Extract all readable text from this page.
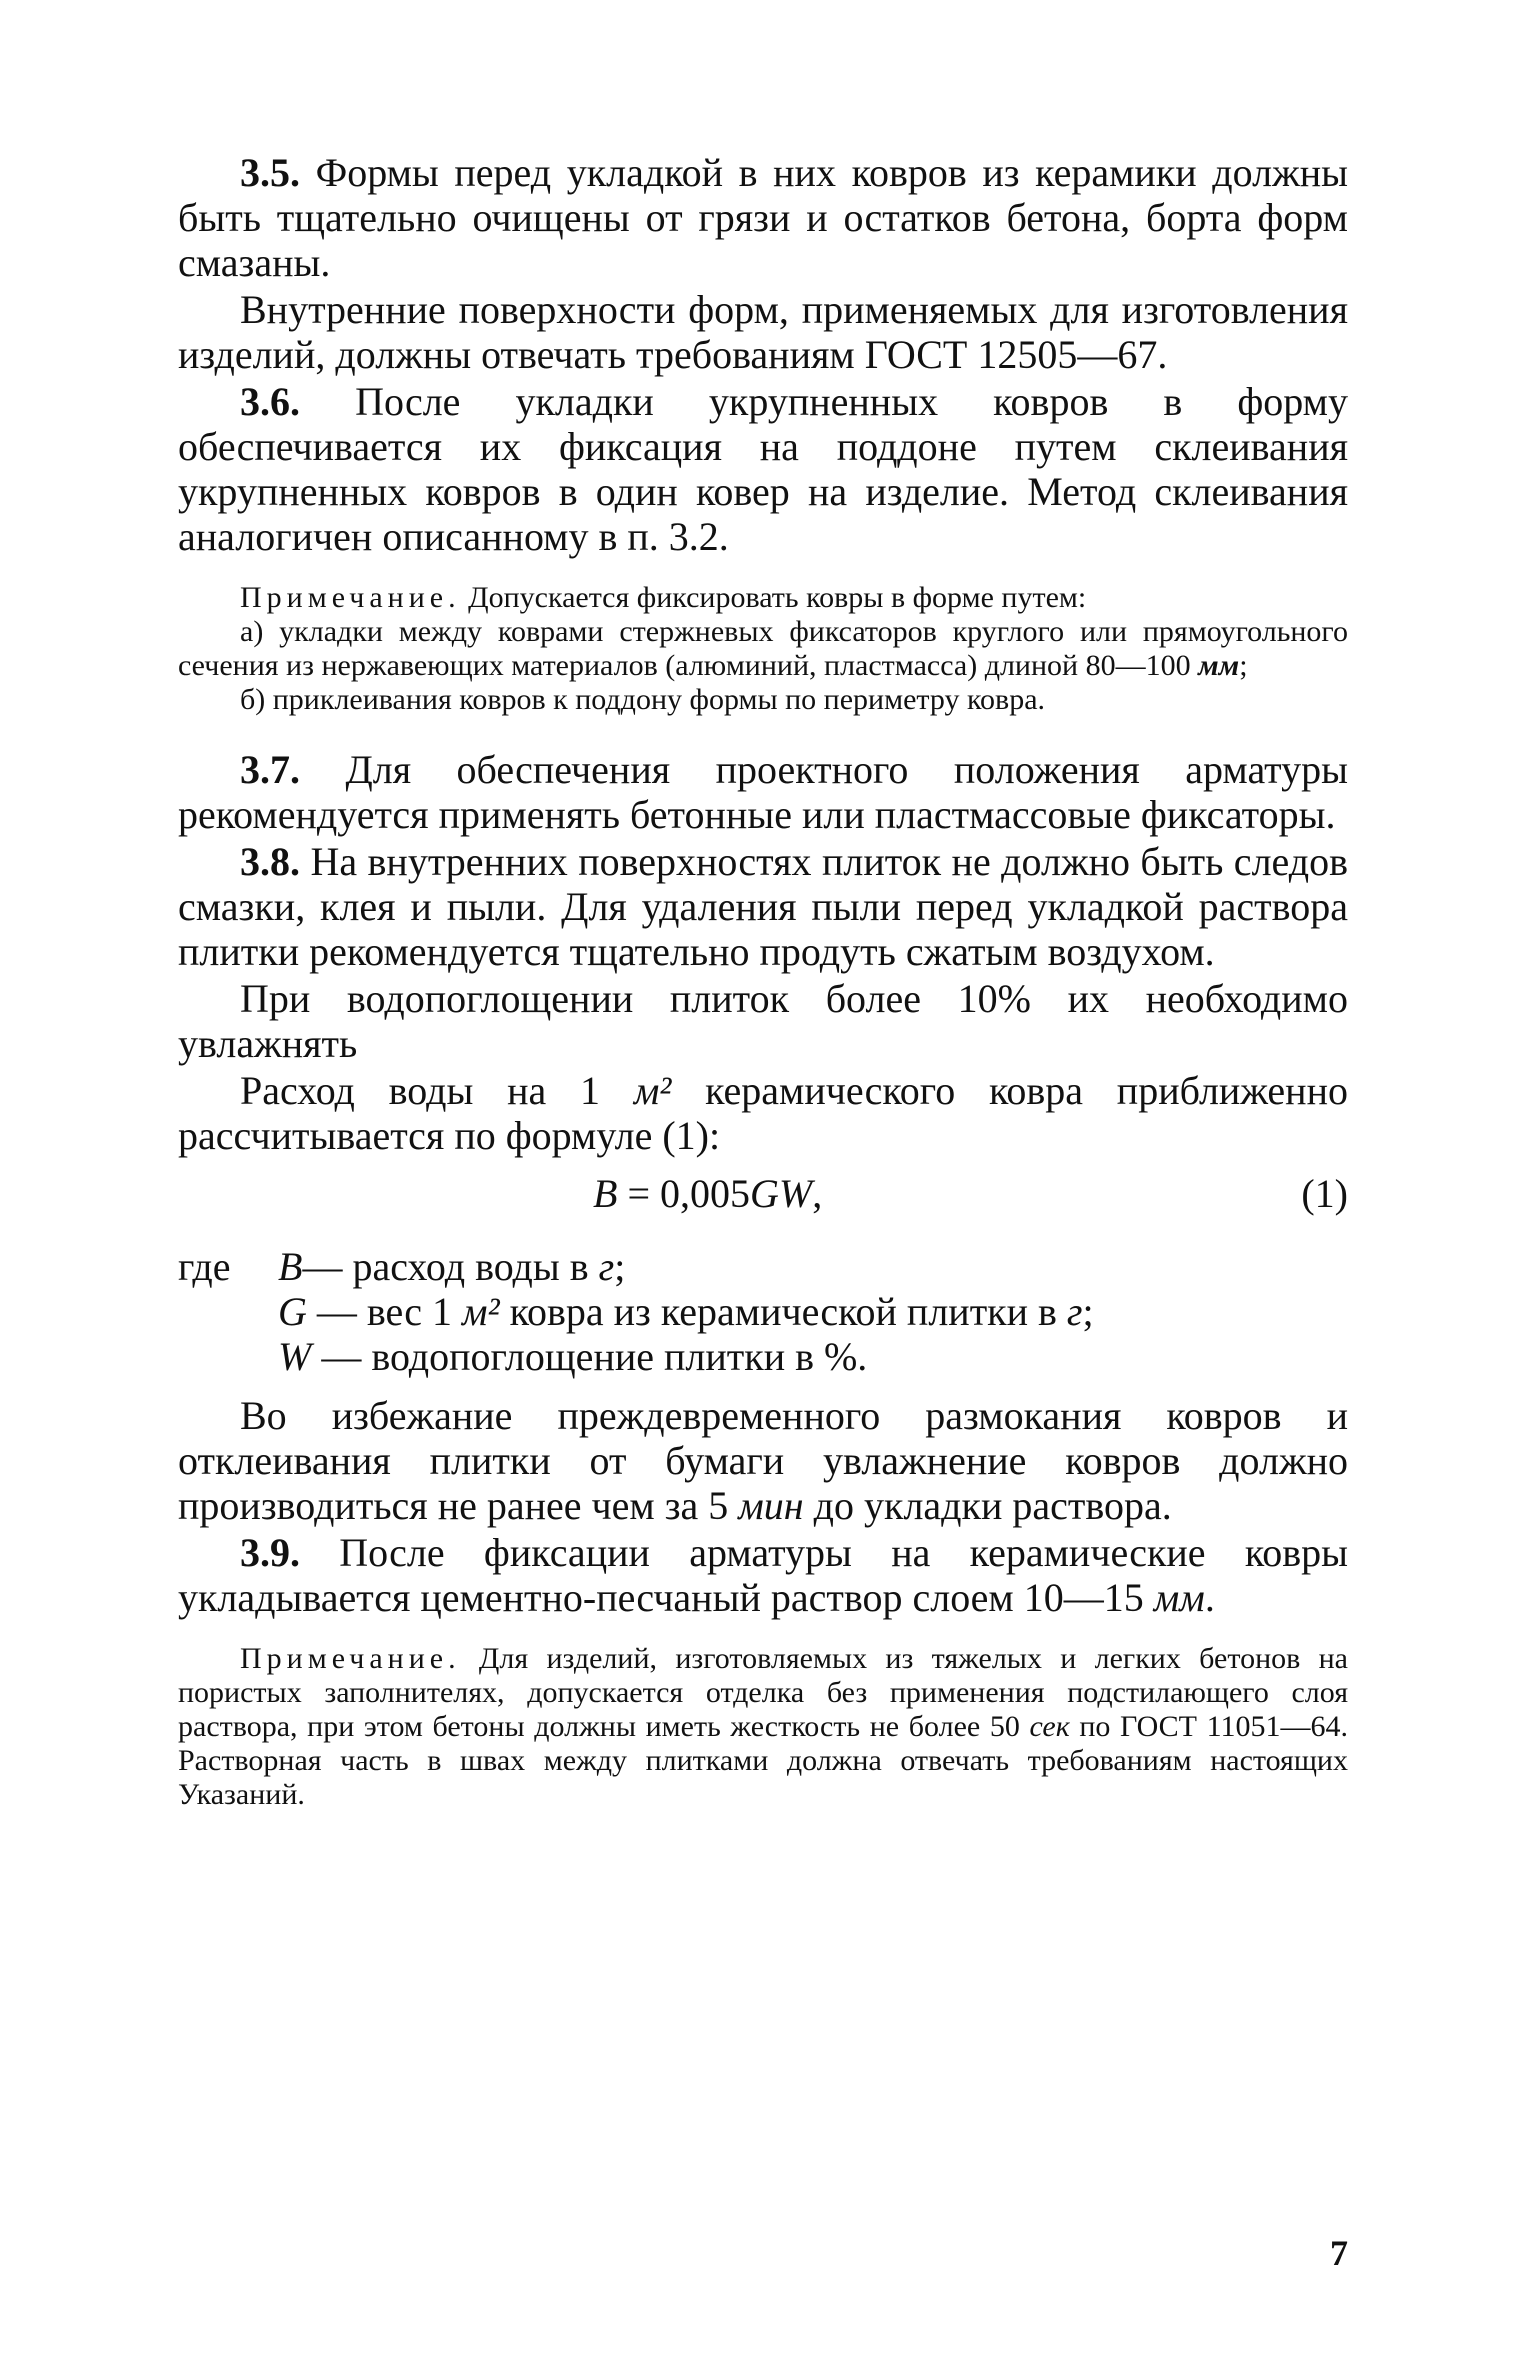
3.5. Формы перед укладкой в них ковров из керамики должны быть тщательно очищены от грязи и остатков бетона, борта форм смазаны.

Внутренние поверхности форм, применяемых для изготовления изделий, должны отвечать требованиям ГОСТ 12505—67.

3.6. После укладки укрупненных ковров в форму обеспечивается их фиксация на поддоне путем склеивания укрупненных ковров в один ковер на изделие. Метод склеивания аналогичен описанному в п. 3.2.

Примечание. Допускается фиксировать ковры в форме путем:

а) укладки между коврами стержневых фиксаторов круглого или прямоугольного сечения из нержавеющих материалов (алюминий, пластмасса) длиной 80—100 мм;

б) приклеивания ковров к поддону формы по периметру ковра.

3.7. Для обеспечения проектного положения арматуры рекомендуется применять бетонные или пластмассовые фиксаторы.

3.8. На внутренних поверхностях плиток не должно быть следов смазки, клея и пыли. Для удаления пыли перед укладкой раствора плитки рекомендуется тщательно продуть сжатым воздухом.

При водопоглощении плиток более 10% их необходимо увлажнять

Расход воды на 1 м² керамического ковра приближенно рассчитывается по формуле (1):

B = 0,005GW,	(1)
где	B— расход воды в г;
G — вес 1 м² ковра из керамической плитки в г;
W — водопоглощение плитки в %.

Во избежание преждевременного размокания ковров и отклеивания плитки от бумаги увлажнение ковров должно производиться не ранее чем за 5 мин до укладки раствора.

3.9. После фиксации арматуры на керамические ковры укладывается цементно-песчаный раствор слоем 10—15 мм.

Примечание. Для изделий, изготовляемых из тяжелых и легких бетонов на пористых заполнителях, допускается отделка без применения подстилающего слоя раствора, при этом бетоны должны иметь жесткость не более 50 сек по ГОСТ 11051—64. Растворная часть в швах между плитками должна отвечать требованиям настоящих Указаний.

7
